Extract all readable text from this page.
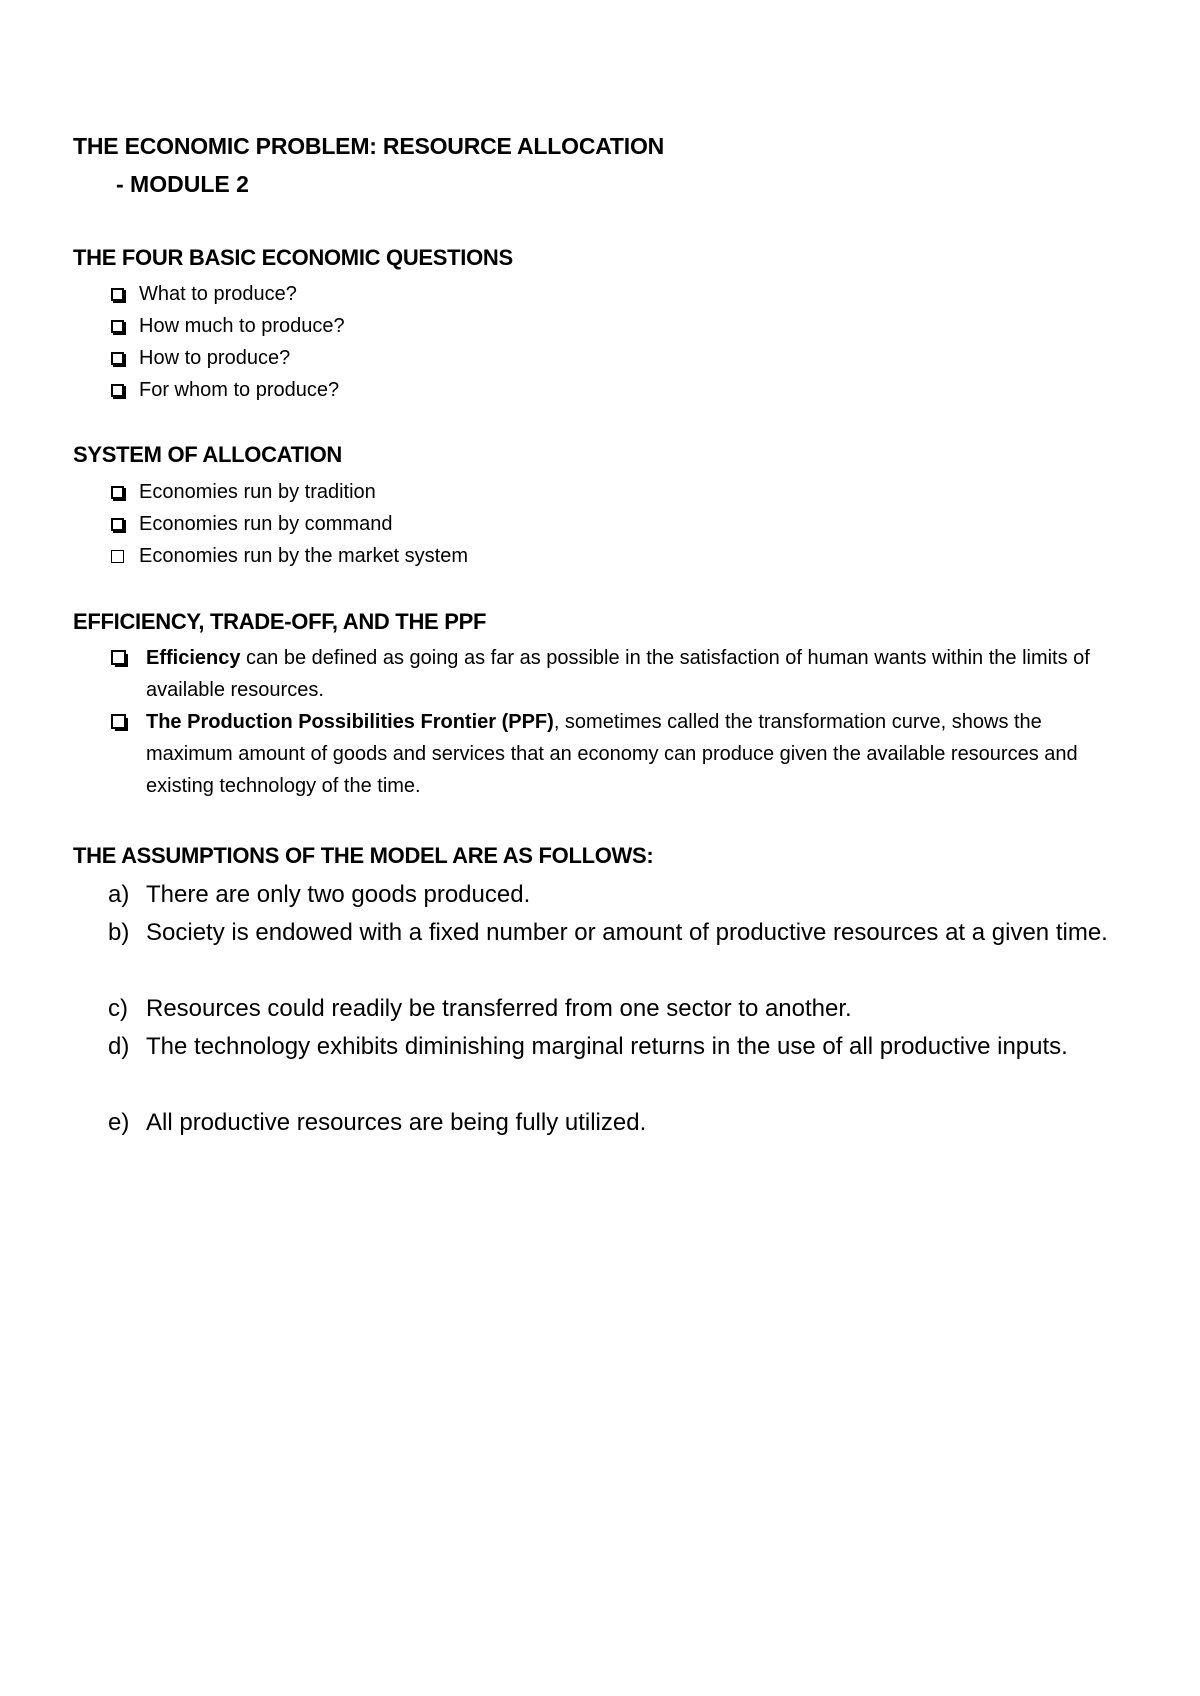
THE ECONOMIC PROBLEM: RESOURCE ALLOCATION
- MODULE 2
THE FOUR BASIC ECONOMIC QUESTIONS
What to produce?
How much to produce?
How to produce?
For whom to produce?
SYSTEM OF ALLOCATION
Economies run by tradition
Economies run by command
Economies run by the market system
EFFICIENCY, TRADE-OFF, AND THE PPF
Efficiency can be defined as going as far as possible in the satisfaction of human wants within the limits of available resources.
The Production Possibilities Frontier (PPF), sometimes called the transformation curve, shows the maximum amount of goods and services that an economy can produce given the available resources and existing technology of the time.
THE ASSUMPTIONS OF THE MODEL ARE AS FOLLOWS:
a) There are only two goods produced.
b) Society is endowed with a fixed number or amount of productive resources at a given time.
c) Resources could readily be transferred from one sector to another.
d) The technology exhibits diminishing marginal returns in the use of all productive inputs.
e) All productive resources are being fully utilized.
